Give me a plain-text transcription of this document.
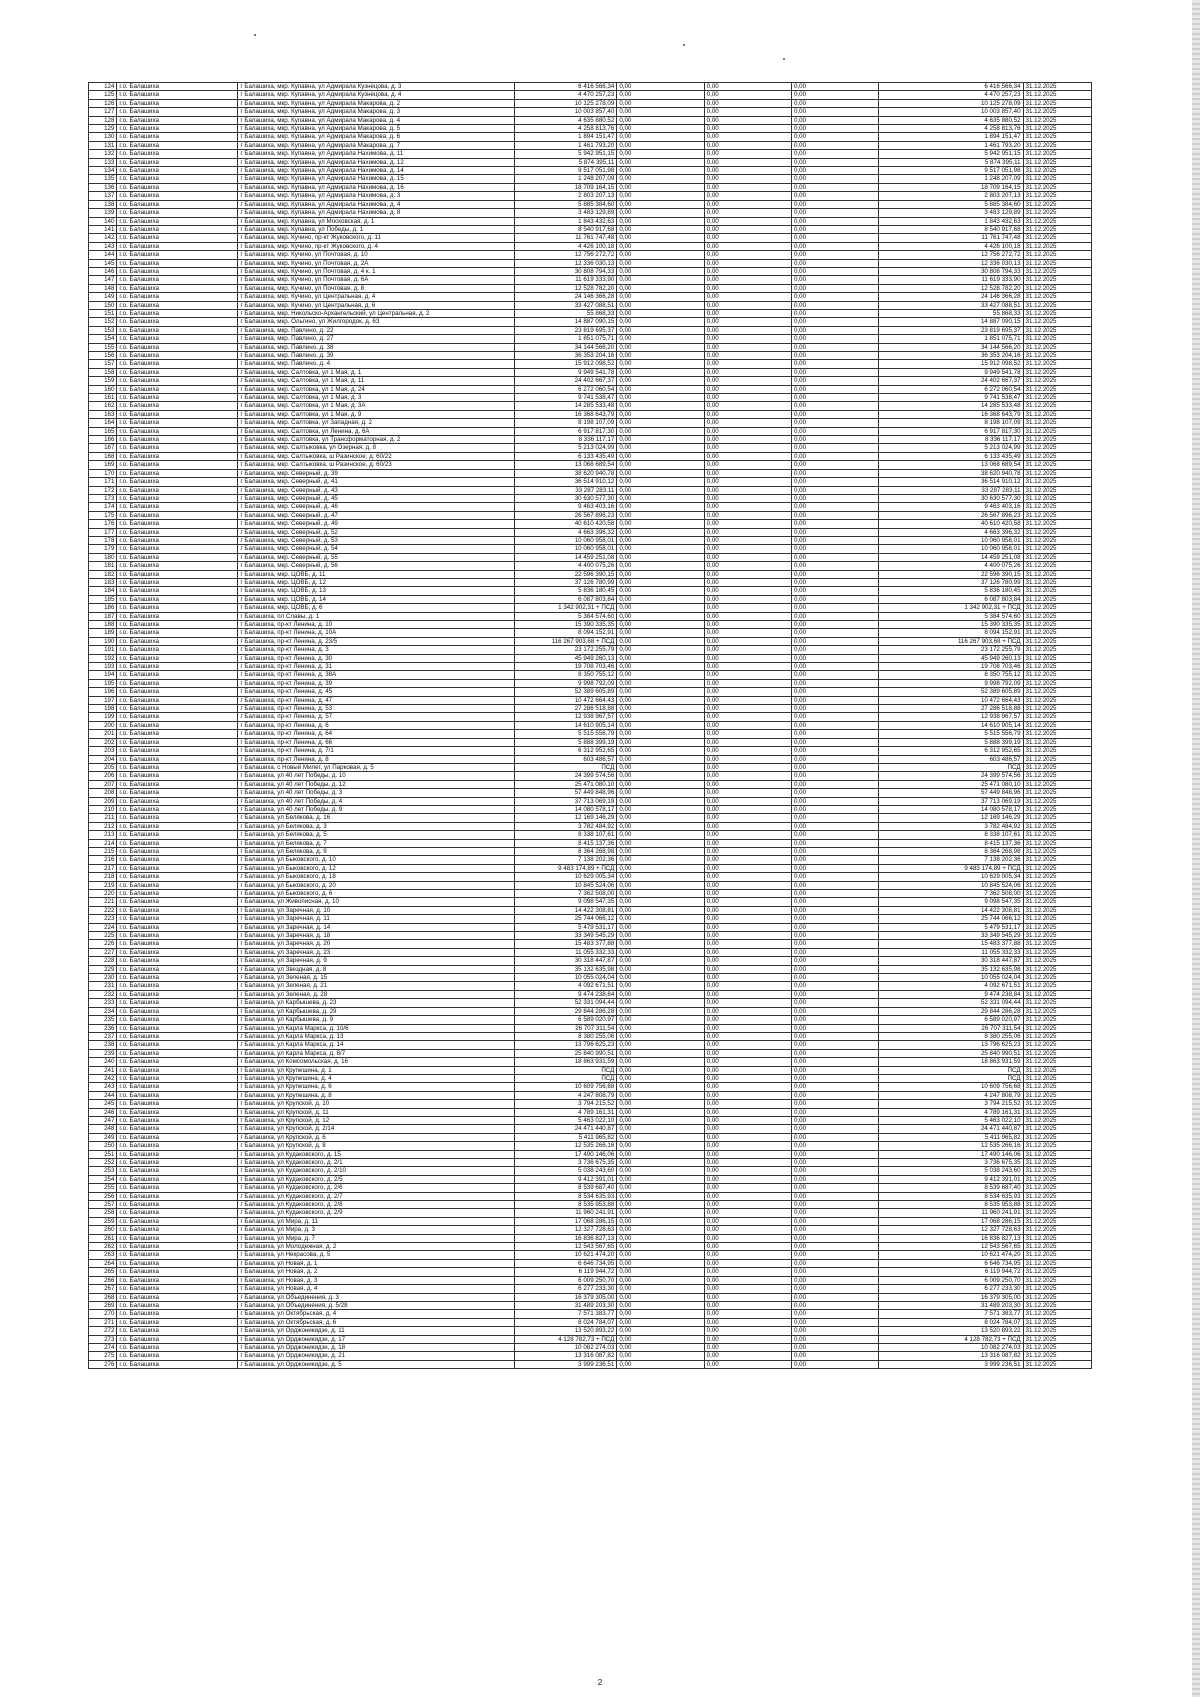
124	г.о. Балашиха	г Балашиха, мкр. Купавна, ул Адмирала Кузнецова, д. 3	6 416 566,34	0,00	0,00	0,00	6 416 566,34	31.12.2025
125	г.о. Балашиха	г Балашиха, мкр. Купавна, ул Адмирала Кузнецова, д. 4	4 470 257,23	0,00	0,00	0,00	4 470 257,23	31.12.2025
126	г.о. Балашиха	г Балашиха, мкр. Купавна, ул Адмирала Макарова, д. 2	10 125 278,09	0,00	0,00	0,00	10 125 278,09	31.12.2025
127	г.о. Балашиха	г Балашиха, мкр. Купавна, ул Адмирала Макарова, д. 3	10 003 857,40	0,00	0,00	0,00	10 003 857,40	31.12.2025
128	г.о. Балашиха	г Балашиха, мкр. Купавна, ул Адмирала Макарова, д. 4	4 635 880,52	0,00	0,00	0,00	4 635 880,52	31.12.2025
129	г.о. Балашиха	г Балашиха, мкр. Купавна, ул Адмирала Макарова, д. 5	4 258 813,76	0,00	0,00	0,00	4 258 813,76	31.12.2025
130	г.о. Балашиха	г Балашиха, мкр. Купавна, ул Адмирала Макарова, д. 6	1 894 151,47	0,00	0,00	0,00	1 894 151,47	31.12.2025
131	г.о. Балашиха	г Балашиха, мкр. Купавна, ул Адмирала Макарова, д. 7	1 461 793,20	0,00	0,00	0,00	1 461 793,20	31.12.2025
132	г.о. Балашиха	г Балашиха, мкр. Купавна, ул Адмирала Нахимова, д. 11	5 942 951,15	0,00	0,00	0,00	5 942 951,15	31.12.2025
133	г.о. Балашиха	г Балашиха, мкр. Купавна, ул Адмирала Нахимова, д. 12	5 874 395,11	0,00	0,00	0,00	5 874 395,11	31.12.2025
134	г.о. Балашиха	г Балашиха, мкр. Купавна, ул Адмирала Нахимова, д. 14	9 517 051,98	0,00	0,00	0,00	9 517 051,98	31.12.2025
135	г.о. Балашиха	г Балашиха, мкр. Купавна, ул Адмирала Нахимова, д. 15	1 248 207,09	0,00	0,00	0,00	1 248 207,09	31.12.2025
136	г.о. Балашиха	г Балашиха, мкр. Купавна, ул Адмирала Нахимова, д. 16	18 709 164,15	0,00	0,00	0,00	18 709 164,15	31.12.2025
137	г.о. Балашиха	г Балашиха, мкр. Купавна, ул Адмирала Нахимова, д. 3	2 803 207,13	0,00	0,00	0,00	2 803 207,13	31.12.2025
138	г.о. Балашиха	г Балашиха, мкр. Купавна, ул Адмирала Нахимова, д. 4	5 885 384,60	0,00	0,00	0,00	5 885 384,60	31.12.2025
139	г.о. Балашиха	г Балашиха, мкр. Купавна, ул Адмирала Нахимова, д. 8	3 483 129,89	0,00	0,00	0,00	3 483 129,89	31.12.2025
140	г.о. Балашиха	г Балашиха, мкр. Купавна, ул Московская, д. 1	1 843 432,63	0,00	0,00	0,00	1 843 432,63	31.12.2025
141	г.о. Балашиха	г Балашиха, мкр. Купавна, ул Победы, д. 1	8 540 917,68	0,00	0,00	0,00	8 540 917,68	31.12.2025
142	г.о. Балашиха	г Балашиха, мкр. Кучино, пр-кт Жуковского, д. 11	11 761 747,48	0,00	0,00	0,00	11 761 747,48	31.12.2025
143	г.о. Балашиха	г Балашиха, мкр. Кучино, пр-кт Жуковского, д. 4	4 426 100,18	0,00	0,00	0,00	4 426 100,18	31.12.2025
144	г.о. Балашиха	г Балашиха, мкр. Кучино, ул Почтовая, д. 10	12 756 272,72	0,00	0,00	0,00	12 756 272,72	31.12.2025
145	г.о. Балашиха	г Балашиха, мкр. Кучино, ул Почтовая, д. 2А	12 336 030,13	0,00	0,00	0,00	12 336 030,13	31.12.2025
146	г.о. Балашиха	г Балашиха, мкр. Кучино, ул Почтовая, д. 4 к. 1	30 808 794,33	0,00	0,00	0,00	30 808 794,33	31.12.2025
147	г.о. Балашиха	г Балашиха, мкр. Кучино, ул Почтовая, д. 6А	11 619 333,90	0,00	0,00	0,00	11 619 333,90	31.12.2025
148	г.о. Балашиха	г Балашиха, мкр. Кучино, ул Почтовая, д. 8	12 528 782,20	0,00	0,00	0,00	12 528 782,20	31.12.2025
149	г.о. Балашиха	г Балашиха, мкр. Кучино, ул Центральная, д. 4	24 146 366,28	0,00	0,00	0,00	24 146 366,28	31.12.2025
150	г.о. Балашиха	г Балашиха, мкр. Кучино, ул Центральная, д. 6	33 427 088,51	0,00	0,00	0,00	33 427 088,51	31.12.2025
151	г.о. Балашиха	г Балашиха, мкр. Никольско-Архангельский, ул Центральная, д. 2	55 868,33	0,00	0,00	0,00	55 868,33	31.12.2025
152	г.о. Балашиха	г Балашиха, мкр. Ольгино, ул Жилгородок, д. 6З	14 887 090,15	0,00	0,00	0,00	14 887 090,15	31.12.2025
153	г.о. Балашиха	г Балашиха, мкр. Павлино, д. 22	23 819 695,37	0,00	0,00	0,00	23 819 695,37	31.12.2025
154	г.о. Балашиха	г Балашиха, мкр. Павлино, д. 27	1 851 075,71	0,00	0,00	0,00	1 851 075,71	31.12.2025
155	г.о. Балашиха	г Балашиха, мкр. Павлино, д. 38	34 144 566,20	0,00	0,00	0,00	34 144 566,20	31.12.2025
156	г.о. Балашиха	г Балашиха, мкр. Павлино, д. 39	36 353 204,16	0,00	0,00	0,00	36 353 204,16	31.12.2025
157	г.о. Балашиха	г Балашиха, мкр. Павлино, д. 4	15 912 098,52	0,00	0,00	0,00	15 912 098,52	31.12.2025
158	г.о. Балашиха	г Балашиха, мкр. Салтовка, ул 1 Мая, д. 1	9 949 541,78	0,00	0,00	0,00	9 949 541,78	31.12.2025
159	г.о. Балашиха	г Балашиха, мкр. Салтовка, ул 1 Мая, д. 11	24 402 667,37	0,00	0,00	0,00	24 402 667,37	31.12.2025
160	г.о. Балашиха	г Балашиха, мкр. Салтовка, ул 1 Мая, д. 24	6 272 060,54	0,00	0,00	0,00	6 272 060,54	31.12.2025
161	г.о. Балашиха	г Балашиха, мкр. Салтовка, ул 1 Мая, д. 3	9 741 538,47	0,00	0,00	0,00	9 741 538,47	31.12.2025
162	г.о. Балашиха	г Балашиха, мкр. Салтовка, ул 1 Мая, д. 3А	14 285 533,48	0,00	0,00	0,00	14 285 533,48	31.12.2025
163	г.о. Балашиха	г Балашиха, мкр. Салтовка, ул 1 Мая, д. 9	16 368 643,79	0,00	0,00	0,00	16 368 643,79	31.12.2025
164	г.о. Балашиха	г Балашиха, мкр. Салтовка, ул Западная, д. 2	8 198 107,09	0,00	0,00	0,00	8 198 107,09	31.12.2025
165	г.о. Балашиха	г Балашиха, мкр. Салтовка, ул Ленина, д. 6А	6 917 817,30	0,00	0,00	0,00	6 917 817,30	31.12.2025
166	г.о. Балашиха	г Балашиха, мкр. Салтовка, ул Трансформаторная, д. 2	8 336 117,17	0,00	0,00	0,00	8 336 117,17	31.12.2025
167	г.о. Балашиха	г Балашиха, мкр. Салтыковка, ул Озерная, д. 8	5 213 024,99	0,00	0,00	0,00	5 213 024,99	31.12.2025
168	г.о. Балашиха	г Балашиха, мкр. Салтыковка, ш Разинское, д. 60/22	6 133 435,49	0,00	0,00	0,00	6 133 435,49	31.12.2025
169	г.о. Балашиха	г Балашиха, мкр. Салтыковка, ш Разинское, д. 60/23	13 068 689,54	0,00	0,00	0,00	13 068 689,54	31.12.2025
170	г.о. Балашиха	г Балашиха, мкр. Северный, д. 39	38 620 940,78	0,00	0,00	0,00	38 620 940,78	31.12.2025
171	г.о. Балашиха	г Балашиха, мкр. Северный, д. 41	36 514 910,12	0,00	0,00	0,00	36 514 910,12	31.12.2025
172	г.о. Балашиха	г Балашиха, мкр. Северный, д. 43	33 287 283,11	0,00	0,00	0,00	33 287 283,11	31.12.2025
173	г.о. Балашиха	г Балашиха, мкр. Северный, д. 45	30 630 577,30	0,00	0,00	0,00	30 630 577,30	31.12.2025
174	г.о. Балашиха	г Балашиха, мкр. Северный, д. 46	9 463 403,16	0,00	0,00	0,00	9 463 403,16	31.12.2025
175	г.о. Балашиха	г Балашиха, мкр. Северный, д. 47	26 567 896,23	0,00	0,00	0,00	26 567 896,23	31.12.2025
176	г.о. Балашиха	г Балашиха, мкр. Северный, д. 49	40 610 420,58	0,00	0,00	0,00	40 610 420,58	31.12.2025
177	г.о. Балашиха	г Балашиха, мкр. Северный, д. 52	4 663 396,32	0,00	0,00	0,00	4 663 396,32	31.12.2025
178	г.о. Балашиха	г Балашиха, мкр. Северный, д. 53	10 060 958,01	0,00	0,00	0,00	10 060 958,01	31.12.2025
179	г.о. Балашиха	г Балашиха, мкр. Северный, д. 54	10 060 958,01	0,00	0,00	0,00	10 060 958,01	31.12.2025
180	г.о. Балашиха	г Балашиха, мкр. Северный, д. 55	14 459 251,08	0,00	0,00	0,00	14 459 251,08	31.12.2025
181	г.о. Балашиха	г Балашиха, мкр. Северный, д. 56	4 400 075,26	0,00	0,00	0,00	4 400 075,26	31.12.2025
182	г.о. Балашиха	г Балашиха, мкр. ЦОВБ, д. 11	22 596 390,15	0,00	0,00	0,00	22 596 390,15	31.12.2025
183	г.о. Балашиха	г Балашиха, мкр. ЦОВБ, д. 12	37 126 780,99	0,00	0,00	0,00	37 126 780,99	31.12.2025
184	г.о. Балашиха	г Балашиха, мкр. ЦОВБ, д. 13	5 836 180,45	0,00	0,00	0,00	5 836 180,45	31.12.2025
185	г.о. Балашиха	г Балашиха, мкр. ЦОВБ, д. 14	6 087 803,84	0,00	0,00	0,00	6 087 803,84	31.12.2025
186	г.о. Балашиха	г Балашиха, мкр. ЦОВБ, д. 6	1 342 902,31 + ПСД	0,00	0,00	0,00	1 342 902,31 + ПСД	31.12.2025
187	г.о. Балашиха	г Балашиха, пл Славы, д. 1	5 384 574,60	0,00	0,00	0,00	5 384 574,60	31.12.2025
188	г.о. Балашиха	г Балашиха, пр-кт Ленина, д. 10	15 390 335,35	0,00	0,00	0,00	15 390 335,35	31.12.2025
189	г.о. Балашиха	г Балашиха, пр-кт Ленина, д. 10А	8 094 152,91	0,00	0,00	0,00	8 094 152,91	31.12.2025
190	г.о. Балашиха	г Балашиха, пр-кт Ленина, д. 23/5	116 267 903,68 + ПСД	0,00	0,00	0,00	116 267 903,68 + ПСД	31.12.2025
191	г.о. Балашиха	г Балашиха, пр-кт Ленина, д. 3	23 172 255,79	0,00	0,00	0,00	23 172 255,79	31.12.2025
192	г.о. Балашиха	г Балашиха, пр-кт Ленина, д. 30	45 949 260,13	0,00	0,00	0,00	45 949 260,13	31.12.2025
193	г.о. Балашиха	г Балашиха, пр-кт Ленина, д. 31	19 708 703,46	0,00	0,00	0,00	19 708 703,46	31.12.2025
194	г.о. Балашиха	г Балашиха, пр-кт Ленина, д. 38А	8 350 755,12	0,00	0,00	0,00	8 350 755,12	31.12.2025
195	г.о. Балашиха	г Балашиха, пр-кт Ленина, д. 39	9 998 792,09	0,00	0,00	0,00	9 998 792,09	31.12.2025
196	г.о. Балашиха	г Балашиха, пр-кт Ленина, д. 45	52 389 605,89	0,00	0,00	0,00	52 389 605,89	31.12.2025
197	г.о. Балашиха	г Балашиха, пр-кт Ленина, д. 47	10 472 664,43	0,00	0,00	0,00	10 472 664,43	31.12.2025
198	г.о. Балашиха	г Балашиха, пр-кт Ленина, д. 53	27 286 518,88	0,00	0,00	0,00	27 286 518,88	31.12.2025
199	г.о. Балашиха	г Балашиха, пр-кт Ленина, д. 57	12 938 967,57	0,00	0,00	0,00	12 938 967,57	31.12.2025
200	г.о. Балашиха	г Балашиха, пр-кт Ленина, д. 6	14 610 905,14	0,00	0,00	0,00	14 610 905,14	31.12.2025
201	г.о. Балашиха	г Балашиха, пр-кт Ленина, д. 64	5 515 556,79	0,00	0,00	0,00	5 515 556,79	31.12.2025
202	г.о. Балашиха	г Балашиха, пр-кт Ленина, д. 66	5 888 399,19	0,00	0,00	0,00	5 888 399,19	31.12.2025
203	г.о. Балашиха	г Балашиха, пр-кт Ленина, д. 7/1	6 312 952,65	0,00	0,00	0,00	6 312 952,65	31.12.2025
204	г.о. Балашиха	г Балашиха, пр-кт Ленина, д. 8	603 486,57	0,00	0,00	0,00	603 486,57	31.12.2025
205	г.о. Балашиха	г Балашиха, с Новый Милет, ул Парковая, д. 5	ПСД	0,00	0,00	0,00	ПСД	31.12.2025
206	г.о. Балашиха	г Балашиха, ул 40 лет Победы, д. 10	24 399 574,56	0,00	0,00	0,00	24 399 574,56	31.12.2025
207	г.о. Балашиха	г Балашиха, ул 40 лет Победы, д. 12	25 471 080,10	0,00	0,00	0,00	25 471 080,10	31.12.2025
208	г.о. Балашиха	г Балашиха, ул 40 лет Победы, д. 3	57 449 848,96	0,00	0,00	0,00	57 449 848,96	31.12.2025
209	г.о. Балашиха	г Балашиха, ул 40 лет Победы, д. 4	37 713 069,19	0,00	0,00	0,00	37 713 069,19	31.12.2025
210	г.о. Балашиха	г Балашиха, ул 40 лет Победы, д. 9	14 080 578,17	0,00	0,00	0,00	14 080 578,17	31.12.2025
211	г.о. Балашиха	г Балашиха, ул Белякова, д. 16	12 169 146,29	0,00	0,00	0,00	12 169 146,29	31.12.2025
212	г.о. Балашиха	г Балашиха, ул Белякова, д. 3	3 782 484,92	0,00	0,00	0,00	3 782 484,92	31.12.2025
213	г.о. Балашиха	г Балашиха, ул Белякова, д. 5	8 338 107,61	0,00	0,00	0,00	8 338 107,61	31.12.2025
214	г.о. Балашиха	г Балашиха, ул Белякова, д. 7	8 415 137,36	0,00	0,00	0,00	8 415 137,36	31.12.2025
215	г.о. Балашиха	г Балашиха, ул Белякова, д. 9	8 364 268,98	0,00	0,00	0,00	8 364 268,98	31.12.2025
216	г.о. Балашиха	г Балашиха, ул Быковского, д. 10	7 138 202,36	0,00	0,00	0,00	7 138 202,36	31.12.2025
217	г.о. Балашиха	г Балашиха, ул Быковского, д. 12	9 483 174,89 + ПСД	0,00	0,00	0,00	9 483 174,89 + ПСД	31.12.2025
218	г.о. Балашиха	г Балашиха, ул Быковского, д. 18	10 629 005,34	0,00	0,00	0,00	10 629 005,34	31.12.2025
219	г.о. Балашиха	г Балашиха, ул Быковского, д. 20	10 845 524,06	0,00	0,00	0,00	10 845 524,06	31.12.2025
220	г.о. Балашиха	г Балашиха, ул Быковского, д. 6	7 362 508,00	0,00	0,00	0,00	7 362 508,00	31.12.2025
221	г.о. Балашиха	г Балашиха, ул Живописная, д. 10	9 098 547,35	0,00	0,00	0,00	9 098 547,35	31.12.2025
222	г.о. Балашиха	г Балашиха, ул Заречная, д. 10	14 422 308,81	0,00	0,00	0,00	14 422 308,81	31.12.2025
223	г.о. Балашиха	г Балашиха, ул Заречная, д. 11	25 744 066,12	0,00	0,00	0,00	25 744 066,12	31.12.2025
224	г.о. Балашиха	г Балашиха, ул Заречная, д. 14	5 479 531,17	0,00	0,00	0,00	5 479 531,17	31.12.2025
225	г.о. Балашиха	г Балашиха, ул Заречная, д. 18	33 349 545,29	0,00	0,00	0,00	33 349 545,29	31.12.2025
226	г.о. Балашиха	г Балашиха, ул Заречная, д. 20	15 483 377,88	0,00	0,00	0,00	15 483 377,88	31.12.2025
227	г.о. Балашиха	г Балашиха, ул Заречная, д. 23	11 055 332,33	0,00	0,00	0,00	11 055 332,33	31.12.2025
228	г.о. Балашиха	г Балашиха, ул Заречная, д. 9	30 318 447,87	0,00	0,00	0,00	30 318 447,87	31.12.2025
229	г.о. Балашиха	г Балашиха, ул Звездная, д. 8	35 132 635,98	0,00	0,00	0,00	35 132 635,98	31.12.2025
230	г.о. Балашиха	г Балашиха, ул Зеленая, д. 15	10 055 024,04	0,00	0,00	0,00	10 055 024,04	31.12.2025
231	г.о. Балашиха	г Балашиха, ул Зеленая, д. 21	4 092 671,51	0,00	0,00	0,00	4 092 671,51	31.12.2025
232	г.о. Балашиха	г Балашиха, ул Зеленая, д. 28	9 474 238,84	0,00	0,00	0,00	9 474 238,84	31.12.2025
233	г.о. Балашиха	г Балашиха, ул Карбышева, д. 23	52 331 094,44	0,00	0,00	0,00	52 331 094,44	31.12.2025
234	г.о. Балашиха	г Балашиха, ул Карбышева, д. 29	29 844 286,28	0,00	0,00	0,00	29 844 286,28	31.12.2025
235	г.о. Балашиха	г Балашиха, ул Карбышева, д. 9	6 589 020,97	0,00	0,00	0,00	6 589 020,97	31.12.2025
236	г.о. Балашиха	г Балашиха, ул Карла Маркса, д. 10/6	26 707 311,54	0,00	0,00	0,00	26 707 311,54	31.12.2025
237	г.о. Балашиха	г Балашиха, ул Карла Маркса, д. 13	8 380 255,06	0,00	0,00	0,00	8 380 255,06	31.12.2025
238	г.о. Балашиха	г Балашиха, ул Карла Маркса, д. 14	13 796 625,23	0,00	0,00	0,00	13 796 625,23	31.12.2025
239	г.о. Балашиха	г Балашиха, ул Карла Маркса, д. 8/7	25 840 990,51	0,00	0,00	0,00	25 840 990,51	31.12.2025
240	г.о. Балашиха	г Балашиха, ул Комсомольская, д. 16	18 863 931,59	0,00	0,00	0,00	18 863 931,59	31.12.2025
241	г.о. Балашиха	г Балашиха, ул Крупешина, д. 1	ПСД	0,00	0,00	0,00	ПСД	31.12.2025
242	г.о. Балашиха	г Балашиха, ул Крупешина, д. 4	ПСД	0,00	0,00	0,00	ПСД	31.12.2025
243	г.о. Балашиха	г Балашиха, ул Крупешина, д. 6	10 609 756,68	0,00	0,00	0,00	10 609 756,68	31.12.2025
244	г.о. Балашиха	г Балашиха, ул Крупешина, д. 8	4 247 808,79	0,00	0,00	0,00	4 247 808,79	31.12.2025
245	г.о. Балашиха	г Балашиха, ул Крупской, д. 10	3 794 215,52	0,00	0,00	0,00	3 794 215,52	31.12.2025
246	г.о. Балашиха	г Балашиха, ул Крупской, д. 11	4 789 161,31	0,00	0,00	0,00	4 789 161,31	31.12.2025
247	г.о. Балашиха	г Балашиха, ул Крупской, д. 12	5 463 022,10	0,00	0,00	0,00	5 463 022,10	31.12.2025
248	г.о. Балашиха	г Балашиха, ул Крупской, д. 2/14	24 471 440,87	0,00	0,00	0,00	24 471 440,87	31.12.2025
249	г.о. Балашиха	г Балашиха, ул Крупской, д. 6	5 411 965,82	0,00	0,00	0,00	5 411 965,82	31.12.2025
250	г.о. Балашиха	г Балашиха, ул Крупской, д. 8	12 535 266,16	0,00	0,00	0,00	12 535 266,16	31.12.2025
251	г.о. Балашиха	г Балашиха, ул Кудаковского, д. 15	17 490 146,06	0,00	0,00	0,00	17 490 146,06	31.12.2025
252	г.о. Балашиха	г Балашиха, ул Кудаковского, д. 2/1	3 736 675,35	0,00	0,00	0,00	3 736 675,35	31.12.2025
253	г.о. Балашиха	г Балашиха, ул Кудаковского, д. 2/10	5 038 243,60	0,00	0,00	0,00	5 038 243,60	31.12.2025
254	г.о. Балашиха	г Балашиха, ул Кудаковского, д. 2/5	9 412 391,01	0,00	0,00	0,00	9 412 391,01	31.12.2025
255	г.о. Балашиха	г Балашиха, ул Кудаковского, д. 2/6	8 539 687,40	0,00	0,00	0,00	8 539 687,40	31.12.2025
256	г.о. Балашиха	г Балашиха, ул Кудаковского, д. 2/7	8 534 635,93	0,00	0,00	0,00	8 534 635,93	31.12.2025
257	г.о. Балашиха	г Балашиха, ул Кудаковского, д. 2/8	8 535 953,88	0,00	0,00	0,00	8 535 953,88	31.12.2025
258	г.о. Балашиха	г Балашиха, ул Кудаковского, д. 2/9	11 960 241,91	0,00	0,00	0,00	11 960 241,91	31.12.2025
259	г.о. Балашиха	г Балашиха, ул Мира, д. 11	17 068 286,15	0,00	0,00	0,00	17 068 286,15	31.12.2025
260	г.о. Балашиха	г Балашиха, ул Мира, д. 3	12 327 728,63	0,00	0,00	0,00	12 327 728,63	31.12.2025
261	г.о. Балашиха	г Балашиха, ул Мира, д. 7	16 836 827,13	0,00	0,00	0,00	16 836 827,13	31.12.2025
262	г.о. Балашиха	г Балашиха, ул Молодежная, д. 2	12 543 567,65	0,00	0,00	0,00	12 543 567,65	31.12.2025
263	г.о. Балашиха	г Балашиха, ул Некрасова, д. 5	10 621 474,20	0,00	0,00	0,00	10 621 474,20	31.12.2025
264	г.о. Балашиха	г Балашиха, ул Новая, д. 1	6 646 734,95	0,00	0,00	0,00	6 646 734,95	31.12.2025
265	г.о. Балашиха	г Балашиха, ул Новая, д. 2	6 119 944,72	0,00	0,00	0,00	6 119 944,72	31.12.2025
266	г.о. Балашиха	г Балашиха, ул Новая, д. 3	6 009 250,70	0,00	0,00	0,00	6 009 250,70	31.12.2025
267	г.о. Балашиха	г Балашиха, ул Новая, д. 4	6 277 233,30	0,00	0,00	0,00	6 277 233,30	31.12.2025
268	г.о. Балашиха	г Балашиха, ул Объединения, д. 3	16 379 305,00	0,00	0,00	0,00	16 379 305,00	31.12.2025
269	г.о. Балашиха	г Балашиха, ул Объединения, д. 5/28	31 489 203,30	0,00	0,00	0,00	31 489 203,30	31.12.2025
270	г.о. Балашиха	г Балашиха, ул Октябрьская, д. 4	7 571 383,77	0,00	0,00	0,00	7 571 383,77	31.12.2025
271	г.о. Балашиха	г Балашиха, ул Октябрьская, д. 6	8 024 784,07	0,00	0,00	0,00	8 024 784,07	31.12.2025
272	г.о. Балашиха	г Балашиха, ул Орджоникидзе, д. 11	13 520 893,22	0,00	0,00	0,00	13 520 893,22	31.12.2025
273	г.о. Балашиха	г Балашиха, ул Орджоникидзе, д. 17	4 128 782,73 + ПСД	0,00	0,00	0,00	4 128 782,73 + ПСД	31.12.2025
274	г.о. Балашиха	г Балашиха, ул Орджоникидзе, д. 18	10 082 274,03	0,00	0,00	0,00	10 082 274,03	31.12.2025
275	г.о. Балашиха	г Балашиха, ул Орджоникидзе, д. 21	13 316 087,82	0,00	0,00	0,00	13 316 087,82	31.12.2025
276	г.о. Балашиха	г Балашиха, ул Орджоникидзе, д. 5	3 999 236,51	0,00	0,00	0,00	3 999 236,51	31.12.2025
2
